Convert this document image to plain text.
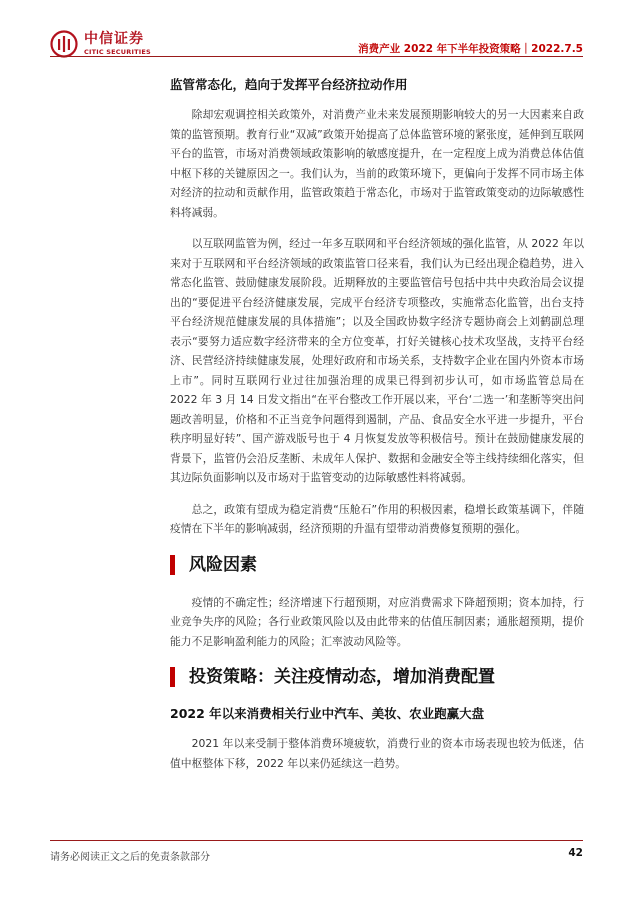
中信证券
CITIC SECURITIES	消费产业 2022 年下半年投资策略｜2022.7.5
监管常态化，趋向于发挥平台经济拉动作用

除却宏观调控相关政策外，对消费产业未来发展预期影响较大的另一大因素来自政策的监管预期。教育行业“双减”政策开始提高了总体监管环境的紧张度，延伸到互联网平台的监管，市场对消费领域政策影响的敏感度提升，在一定程度上成为消费总体估值中枢下移的关键原因之一。我们认为，当前的政策环境下，更偏向于发挥不同市场主体对经济的拉动和贡献作用，监管政策趋于常态化，市场对于监管政策变动的边际敏感性料将减弱。

以互联网监管为例，经过一年多互联网和平台经济领域的强化监管，从 2022 年以来对于互联网和平台经济领域的政策监管口径来看，我们认为已经出现企稳趋势，进入常态化监管、鼓励健康发展阶段。近期释放的主要监管信号包括中共中央政治局会议提出的“要促进平台经济健康发展，完成平台经济专项整改，实施常态化监管，出台支持平台经济规范健康发展的具体措施”；以及全国政协数字经济专题协商会上刘鹤副总理表示“要努力适应数字经济带来的全方位变革，打好关键核心技术攻坚战，支持平台经济、民营经济持续健康发展，处理好政府和市场关系，支持数字企业在国内外资本市场上市”。同时互联网行业过往加强治理的成果已得到初步认可，如市场监管总局在 2022 年 3 月 14 日发文指出“在平台整改工作开展以来，平台‘二选一’和垄断等突出问题改善明显，价格和不正当竞争问题得到遏制，产品、食品安全水平进一步提升，平台秩序明显好转”、国产游戏版号也于 4 月恢复发放等积极信号。预计在鼓励健康发展的背景下，监管仍会沿反垄断、未成年人保护、数据和金融安全等主线持续细化落实，但其边际负面影响以及市场对于监管变动的边际敏感性料将减弱。

总之，政策有望成为稳定消费“压舱石”作用的积极因素，稳增长政策基调下，伴随疫情在下半年的影响减弱，经济预期的升温有望带动消费修复预期的强化。

风险因素

疫情的不确定性；经济增速下行超预期，对应消费需求下降超预期；资本加持，行业竞争失序的风险；各行业政策风险以及由此带来的估值压制因素；通胀超预期，提价能力不足影响盈利能力的风险；汇率波动风险等。

投资策略：关注疫情动态，增加消费配置
2022 年以来消费相关行业中汽车、美妆、农业跑赢大盘

2021 年以来受制于整体消费环境疲软，消费行业的资本市场表现也较为低迷，估值中枢整体下移，2022 年以来仍延续这一趋势。

请务必阅读正文之后的免责条款部分	42
